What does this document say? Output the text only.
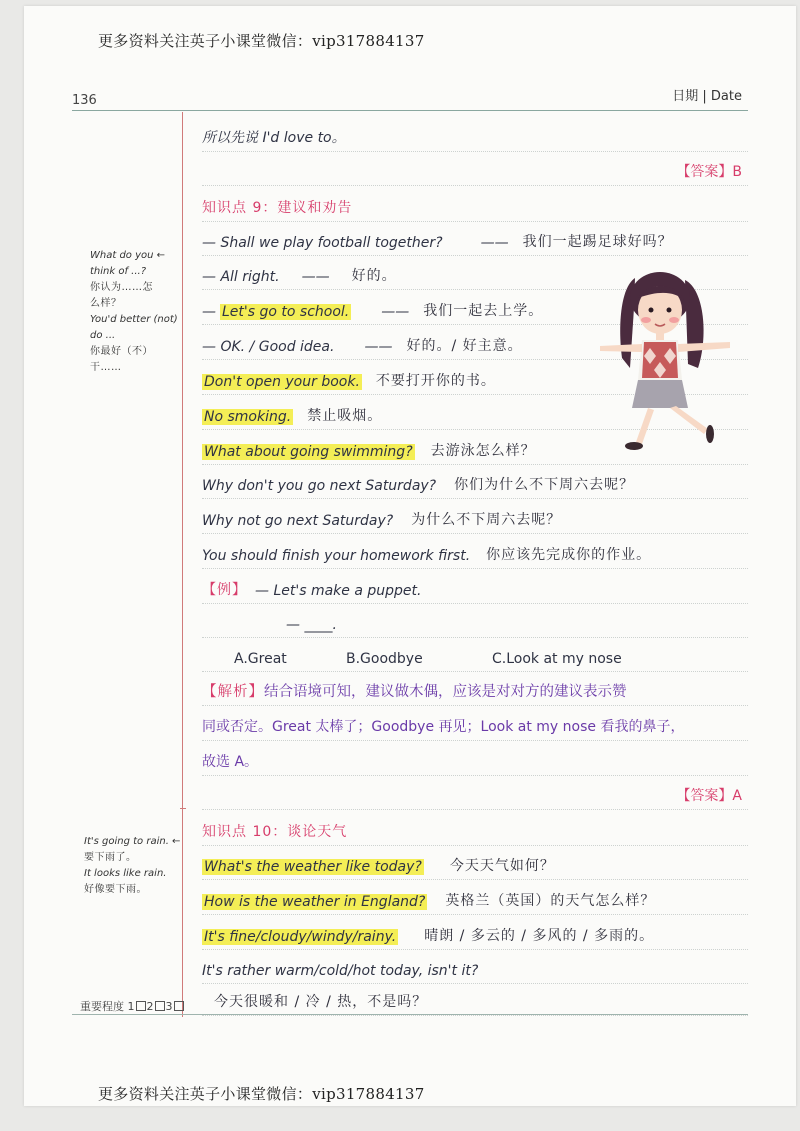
更多资料关注英子小课堂微信：vip317884137
136	日期 | Date
What do you ←
think of ...?
你认为……怎
么样？
You'd better (not)
do ...
你最好（不）
干……
It's going to rain. ←
要下雨了。
It looks like rain.
好像要下雨。
所以先说 I'd love to。
【答案】B
知识点 9：建议和劝告
— Shall we play football together?	—— 我们一起踢足球好吗？
— All right. —— 好的。
— Let's go to school. —— 我们一起去上学。
— OK. / Good idea. —— 好的。/ 好主意。
Don't open your book. 不要打开你的书。
No smoking. 禁止吸烟。
What about going swimming? 去游泳怎么样？
Why don't you go next Saturday? 你们为什么不下周六去呢？
Why not go next Saturday? 为什么不下周六去呢？
You should finish your homework first. 你应该先完成你的作业。
【例】 — Let's make a puppet.
— ____.
A.Great	B.Goodbye	C.Look at my nose
【解析】 结合语境可知，建议做木偶，应该是对对方的建议表示赞
同或否定。Great 太棒了；Goodbye 再见；Look at my nose 看我的鼻子，
故选 A。
【答案】A
知识点 10：谈论天气
What's the weather like today? 今天天气如何？
How is the weather in England? 英格兰（英国）的天气怎么样？
It's fine/cloudy/windy/rainy. 晴朗 / 多云的 / 多风的 / 多雨的。
It's rather warm/cold/hot today, isn't it?
今天很暖和 / 冷 / 热，不是吗？
重要程度 1 2 3
更多资料关注英子小课堂微信：vip317884137
